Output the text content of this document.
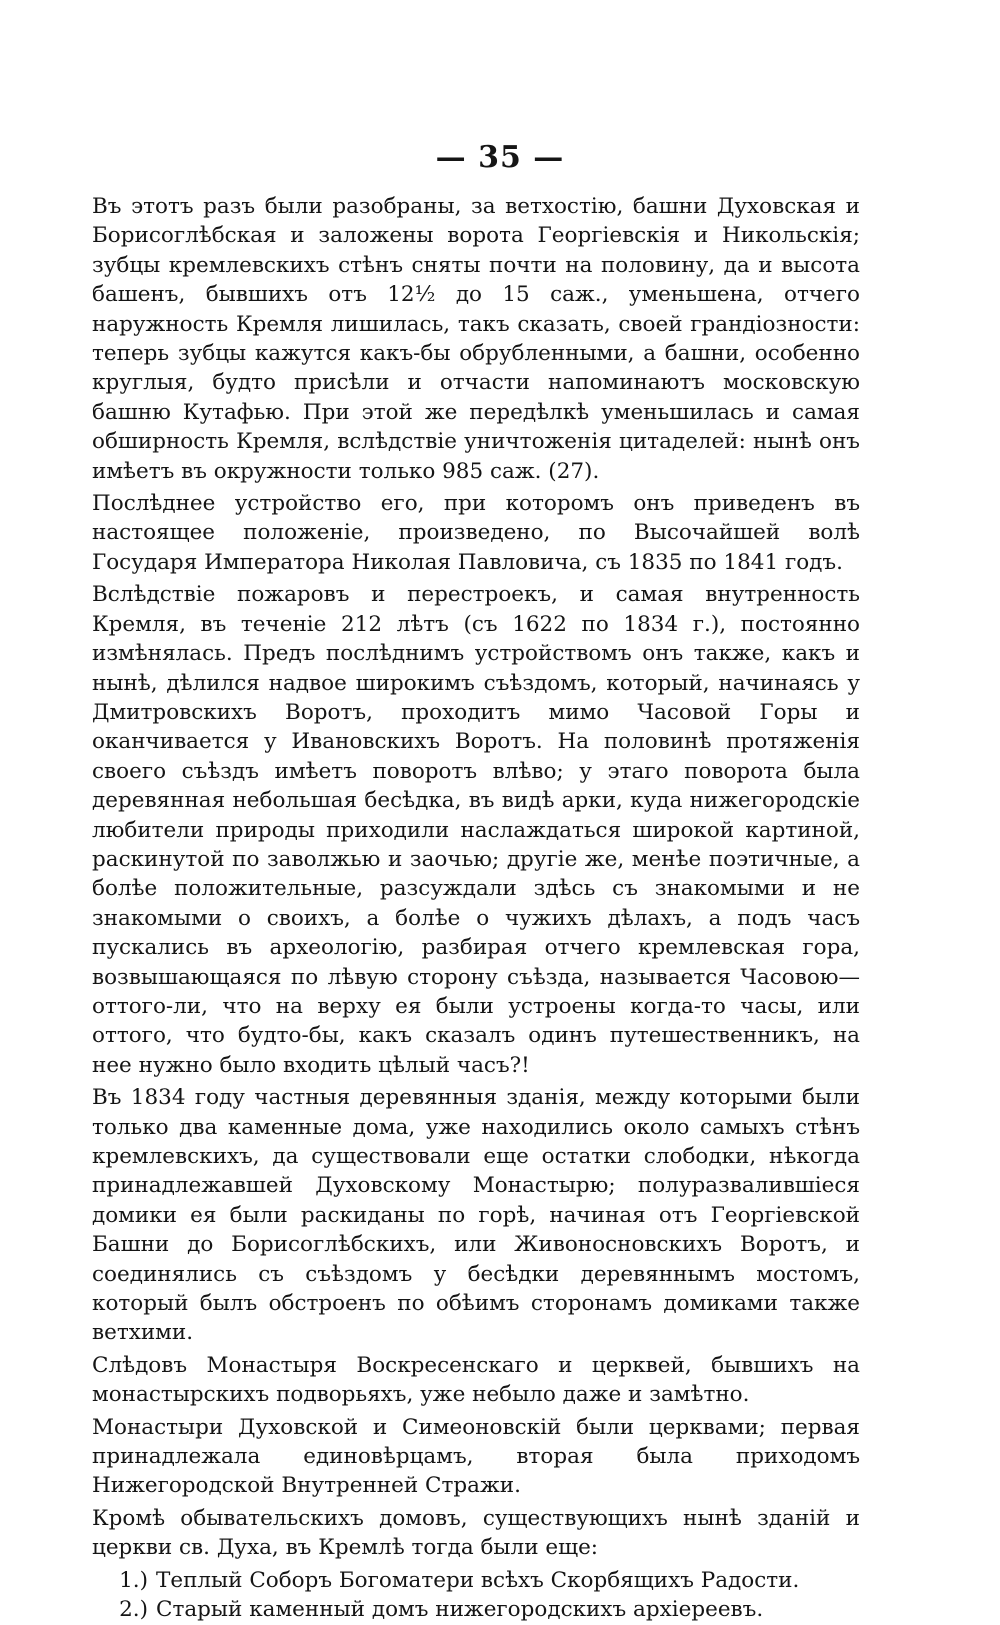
— 35 —

Въ этотъ разъ были разобраны, за ветхостію, башни Духовская и Борисоглѣбская и заложены ворота Георгіевскія и Никольскія; зубцы кремлевскихъ стѣнъ сняты почти на половину, да и высота башенъ, бывшихъ отъ 12½ до 15 саж., уменьшена, отчего наружность Кремля лишилась, такъ сказать, своей грандіозности: теперь зубцы кажутся какъ-бы обрубленными, а башни, особенно круглыя, будто присѣли и отчасти напоминаютъ московскую башню Кутафью. При этой же передѣлкѣ уменьшилась и самая обширность Кремля, вслѣдствіе уничтоженія цитаделей: нынѣ онъ имѣетъ въ окружности только 985 саж. (27).

Послѣднее устройство его, при которомъ онъ приведенъ въ настоящее положеніе, произведено, по Высочайшей волѣ Государя Императора Николая Павловича, съ 1835 по 1841 годъ.

Вслѣдствіе пожаровъ и перестроекъ, и самая внутренность Кремля, въ теченіе 212 лѣтъ (съ 1622 по 1834 г.), постоянно измѣнялась. Предъ послѣднимъ устройствомъ онъ также, какъ и нынѣ, дѣлился надвое широкимъ съѣздомъ, который, начинаясь у Дмитровскихъ Воротъ, проходитъ мимо Часовой Горы и оканчивается у Ивановскихъ Воротъ. На половинѣ протяженія своего съѣздъ имѣетъ поворотъ влѣво; у этаго поворота была деревянная небольшая бесѣдка, въ видѣ арки, куда нижегородскіе любители природы приходили наслаждаться широкой картиной, раскинутой по заволжью и заочью; другіе же, менѣе поэтичные, а болѣе положительные, разсуждали здѣсь съ знакомыми и не знакомыми о своихъ, а болѣе о чужихъ дѣлахъ, а подъ часъ пускались въ археологію, разбирая отчего кремлевская гора, возвышающаяся по лѣвую сторону съѣзда, называется Часовою—оттого-ли, что на верху ея были устроены когда-то часы, или оттого, что будто-бы, какъ сказалъ одинъ путешественникъ, на нее нужно было входить цѣлый часъ?!

Въ 1834 году частныя деревянныя зданія, между которыми были только два каменные дома, уже находились около самыхъ стѣнъ кремлевскихъ, да существовали еще остатки слободки, нѣкогда принадлежавшей Духовскому Монастырю; полуразвалившіеся домики ея были раскиданы по горѣ, начиная отъ Георгіевской Башни до Борисоглѣбскихъ, или Живоносновскихъ Воротъ, и соединялись съ съѣздомъ у бесѣдки деревяннымъ мостомъ, который былъ обстроенъ по обѣимъ сторонамъ домиками также ветхими.

Слѣдовъ Монастыря Воскресенскаго и церквей, бывшихъ на монастырскихъ подворьяхъ, уже небыло даже и замѣтно.

Монастыри Духовской и Симеоновскій были церквами; первая принадлежала единовѣрцамъ, вторая была приходомъ Нижегородской Внутренней Стражи.

Кромѣ обывательскихъ домовъ, существующихъ нынѣ зданій и церкви св. Духа, въ Кремлѣ тогда были еще:

1.) Теплый Соборъ Богоматери всѣхъ Скорбящихъ Радости.
2.) Старый каменный домъ нижегородскихъ архіереевъ.
